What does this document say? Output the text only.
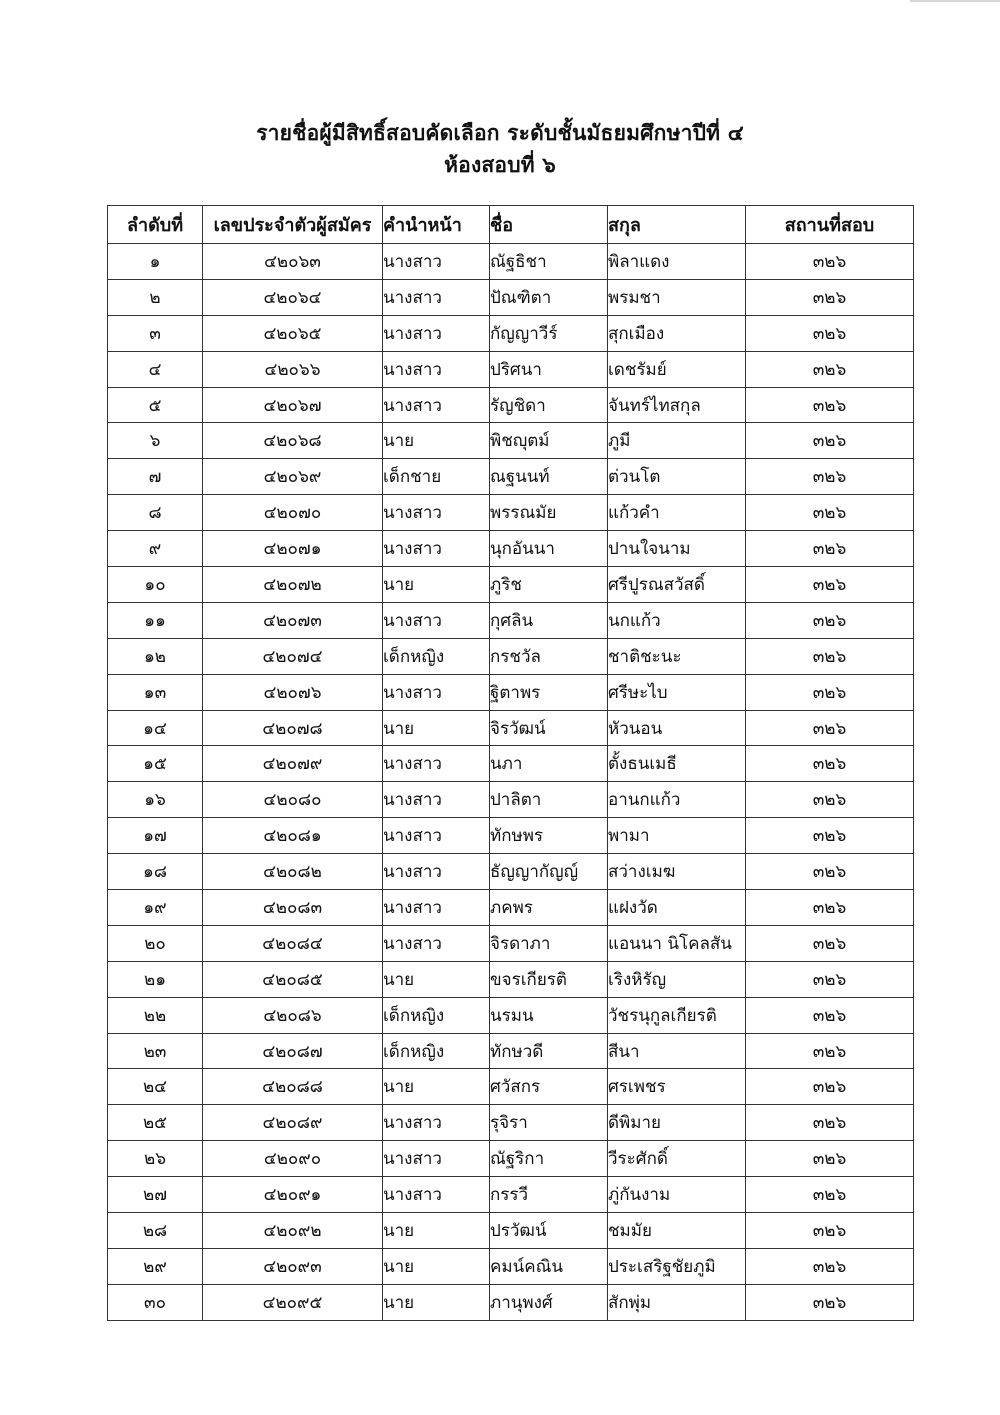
รายชื่อผู้มีสิทธิ์สอบคัดเลือก ระดับชั้นมัธยมศึกษาปีที่ ๔
ห้องสอบที่ ๖
ลำดับที่	เลขประจำตัวผู้สมัคร	คำนำหน้า	ชื่อ	สกุล	สถานที่สอบ
๑	๔๒๐๖๓	นางสาว	ณัฐธิชา	พิลาแดง	๓๒๖
๒	๔๒๐๖๔	นางสาว	ปัณฑิตา	พรมชา	๓๒๖
๓	๔๒๐๖๕	นางสาว	กัญญาวีร์	สุกเมือง	๓๒๖
๔	๔๒๐๖๖	นางสาว	ปริศนา	เดชรัมย์	๓๒๖
๕	๔๒๐๖๗	นางสาว	รัญชิดา	จันทร์ไทสกุล	๓๒๖
๖	๔๒๐๖๘	นาย	พิชญุตม์	ภูมี	๓๒๖
๗	๔๒๐๖๙	เด็กชาย	ณฐนนท์	ต่วนโต	๓๒๖
๘	๔๒๐๗๐	นางสาว	พรรณมัย	แก้วคำ	๓๒๖
๙	๔๒๐๗๑	นางสาว	นุกอันนา	ปานใจนาม	๓๒๖
๑๐	๔๒๐๗๒	นาย	ภูริช	ศรีปูรณสวัสดิ์	๓๒๖
๑๑	๔๒๐๗๓	นางสาว	กุศลิน	นกแก้ว	๓๒๖
๑๒	๔๒๐๗๔	เด็กหญิง	กรชวัล	ชาติชะนะ	๓๒๖
๑๓	๔๒๐๗๖	นางสาว	ฐิตาพร	ศรีษะไบ	๓๒๖
๑๔	๔๒๐๗๘	นาย	จิรวัฒน์	หัวนอน	๓๒๖
๑๕	๔๒๐๗๙	นางสาว	นภา	ตั้งธนเมธี	๓๒๖
๑๖	๔๒๐๘๐	นางสาว	ปาลิตา	อานกแก้ว	๓๒๖
๑๗	๔๒๐๘๑	นางสาว	ทักษพร	พามา	๓๒๖
๑๘	๔๒๐๘๒	นางสาว	ธัญญากัญญ์	สว่างเมฆ	๓๒๖
๑๙	๔๒๐๘๓	นางสาว	ภคพร	แฝงวัด	๓๒๖
๒๐	๔๒๐๘๔	นางสาว	จิรดาภา	แอนนา นิโคลสัน	๓๒๖
๒๑	๔๒๐๘๕	นาย	ขจรเกียรติ	เริงหิรัญ	๓๒๖
๒๒	๔๒๐๘๖	เด็กหญิง	นรมน	วัชรนุกูลเกียรติ	๓๒๖
๒๓	๔๒๐๘๗	เด็กหญิง	ทักษวดี	สีนา	๓๒๖
๒๔	๔๒๐๘๘	นาย	ศวัสกร	ศรเพชร	๓๒๖
๒๕	๔๒๐๘๙	นางสาว	รุจิรา	ดีพิมาย	๓๒๖
๒๖	๔๒๐๙๐	นางสาว	ณัฐริกา	วีระศักดิ์	๓๒๖
๒๗	๔๒๐๙๑	นางสาว	กรรวี	ภู่กันงาม	๓๒๖
๒๘	๔๒๐๙๒	นาย	ปรวัฒน์	ชมมัย	๓๒๖
๒๙	๔๒๐๙๓	นาย	คมน์คณิน	ประเสริฐชัยภูมิ	๓๒๖
๓๐	๔๒๐๙๕	นาย	ภานุพงศ์	สักพุ่ม	๓๒๖
